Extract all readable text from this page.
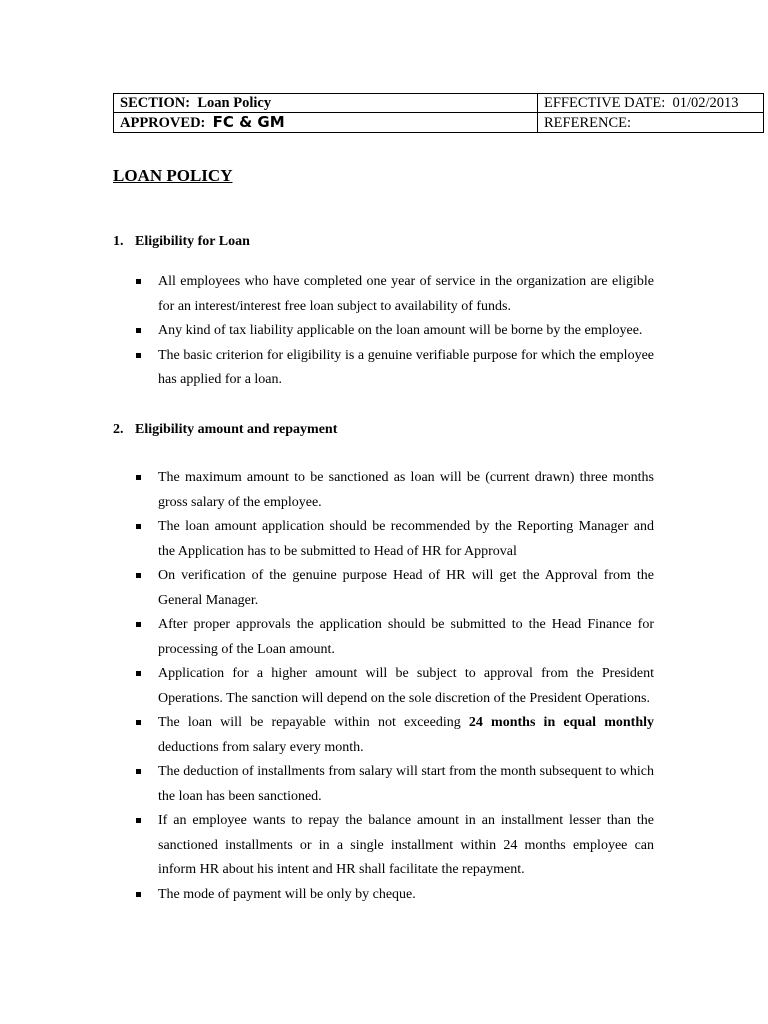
SECTION: Loan Policy	EFFECTIVE DATE: 01/02/2013
APPROVED: FC & GM	REFERENCE:
LOAN POLICY
1. Eligibility for Loan
All employees who have completed one year of service in the organization are eligible for an interest/interest free loan subject to availability of funds.
Any kind of tax liability applicable on the loan amount will be borne by the employee.
The basic criterion for eligibility is a genuine verifiable purpose for which the employee has applied for a loan.
2. Eligibility amount and repayment
The maximum amount to be sanctioned as loan will be (current drawn) three months gross salary of the employee.
The loan amount application should be recommended by the Reporting Manager and the Application has to be submitted to Head of HR for Approval
On verification of the genuine purpose Head of HR will get the Approval from the General Manager.
After proper approvals the application should be submitted to the Head Finance for processing of the Loan amount.
Application for a higher amount will be subject to approval from the President Operations. The sanction will depend on the sole discretion of the President Operations.
The loan will be repayable within not exceeding 24 months in equal monthly deductions from salary every month.
The deduction of installments from salary will start from the month subsequent to which the loan has been sanctioned.
If an employee wants to repay the balance amount in an installment lesser than the sanctioned installments or in a single installment within 24 months employee can inform HR about his intent and HR shall facilitate the repayment.
The mode of payment will be only by cheque.
